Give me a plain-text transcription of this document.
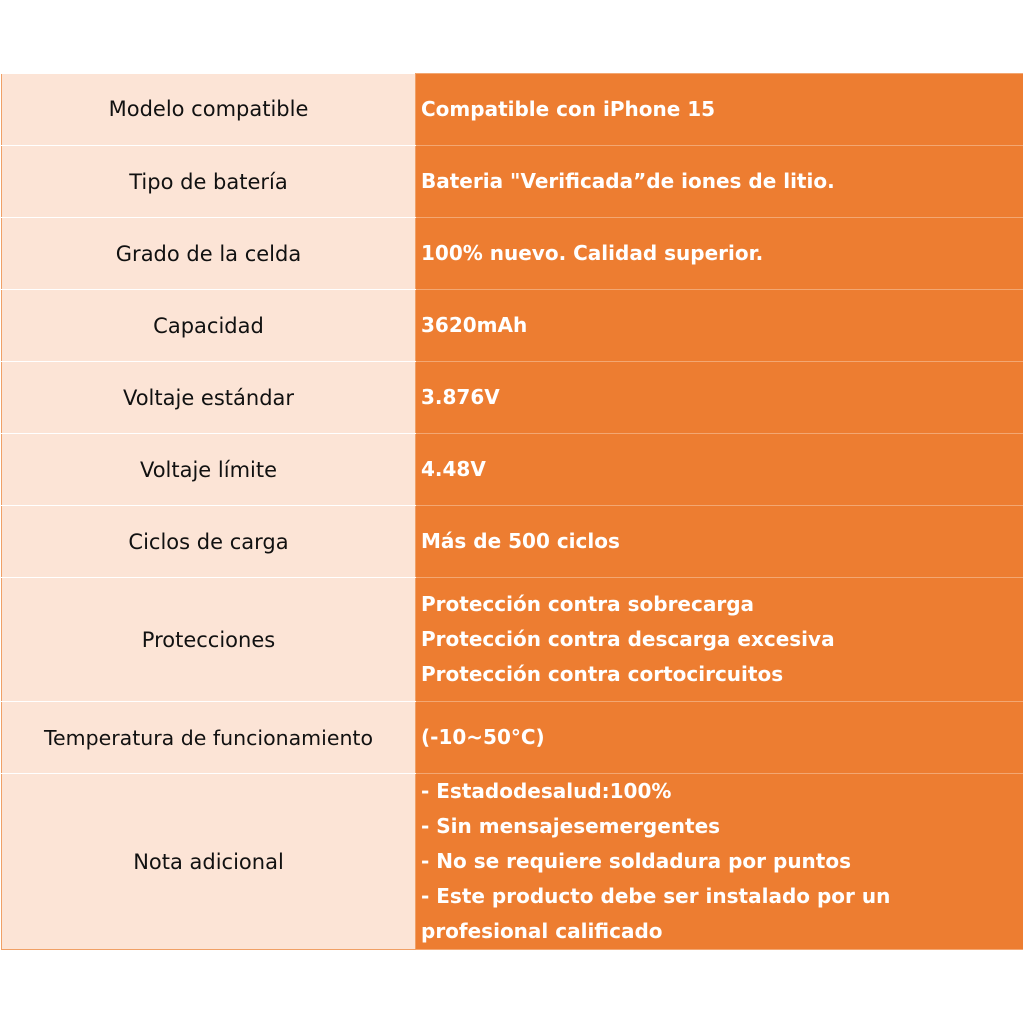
Modelo compatible	Compatible con iPhone 15

Tipo de batería	Bateria "Verificada”de iones de litio.

Grado de la celda	100% nuevo. Calidad superior.

Capacidad	3620mAh

Voltaje estándar	3.876V

Voltaje límite	4.48V

Ciclos de carga	Más de 500 ciclos

Protecciones	Protección contra sobrecarga
Protección contra descarga excesiva
Protección contra cortocircuitos

Temperatura de funcionamiento	(-10~50°C)

Nota adicional	- Estadodesalud:100%
- Sin mensajesemergentes
- No se requiere soldadura por puntos
- Este producto debe ser instalado por un profesional calificado
